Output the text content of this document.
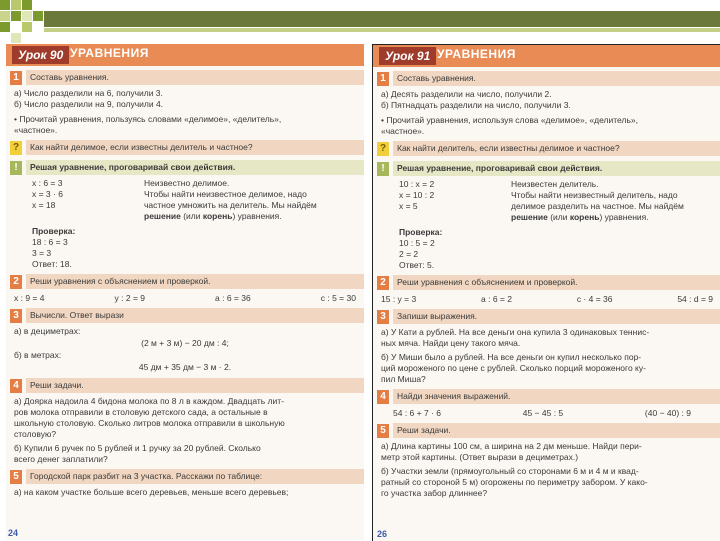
Урок 90 УРАВНЕНИЯ
1	Составь уравнения.
а) Число разделили на 6, получили 3.
б) Число разделили на 9, получили 4.
• Прочитай уравнения, пользуясь словами «делимое», «делитель»,
«частное».
?	Как найти делимое, если известны делитель и частное?
!	Решая уравнение, проговаривай свои действия.
x : 6 = 3
x = 3 · 6
x = 18
Неизвестно делимое.
Чтобы найти неизвестное делимое, надо
частное умножить на делитель. Мы найдём
решение (или корень) уравнения.
Проверка:
18 : 6 = 3
3 = 3
Ответ: 18.
2	Реши уравнения с объяснением и проверкой.
x : 9 = 4	y : 2 = 9	a : 6 = 36	c : 5 = 30
3	Вычисли. Ответ вырази
а) в дециметрах:
(2 м + 3 м) − 20 дм : 4;
б) в метрах:
45 дм + 35 дм − 3 м · 2.
4	Реши задачи.
а) Доярка надоила 4 бидона молока по 8 л в каждом. Двадцать лит-
ров молока отправили в столовую детского сада, а остальные в
школьную столовую. Сколько литров молока отправили в школьную
столовую?
б) Купили 6 ручек по 5 рублей и 1 ручку за 20 рублей. Сколько
всего денег заплатили?
5	Городской парк разбит на 3 участка. Расскажи по таблице:
а) на каком участке больше всего деревьев, меньше всего деревьев;
24
Урок 91 УРАВНЕНИЯ
1	Составь уравнения.
а) Десять разделили на число, получили 2.
б) Пятнадцать разделили на число, получили 3.
• Прочитай уравнения, используя слова «делимое», «делитель»,
«частное».
?	Как найти делитель, если известны делимое и частное?
!	Решая уравнение, проговаривай свои действия.
10 : x = 2
x = 10 : 2
x = 5
Неизвестен делитель.
Чтобы найти неизвестный делитель, надо
делимое разделить на частное. Мы найдём
решение (или корень) уравнения.
Проверка:
10 : 5 = 2
2 = 2
Ответ: 5.
2	Реши уравнения с объяснением и проверкой.
15 : y = 3	a : 6 = 2	c · 4 = 36	54 : d = 9
3	Запиши выражения.
а) У Кати а рублей. На все деньги она купила 3 одинаковых теннис-
ных мяча. Найди цену такого мяча.
б) У Миши было а рублей. На все деньги он купил несколько пор-
ций мороженого по цене с рублей. Сколько порций мороженого ку-
пил Миша?
4	Найди значения выражений.
54 : 6 + 7 · 6	45 − 45 : 5	(40 − 40) : 9
5	Реши задачи.
а) Длина картины 100 см, а ширина на 2 дм меньше. Найди пери-
метр этой картины. (Ответ вырази в дециметрах.)
б) Участки земли (прямоугольный со сторонами 6 м и 4 м и квад-
ратный со стороной 5 м) огорожены по периметру забором. У како-
го участка забор длиннее?
26
